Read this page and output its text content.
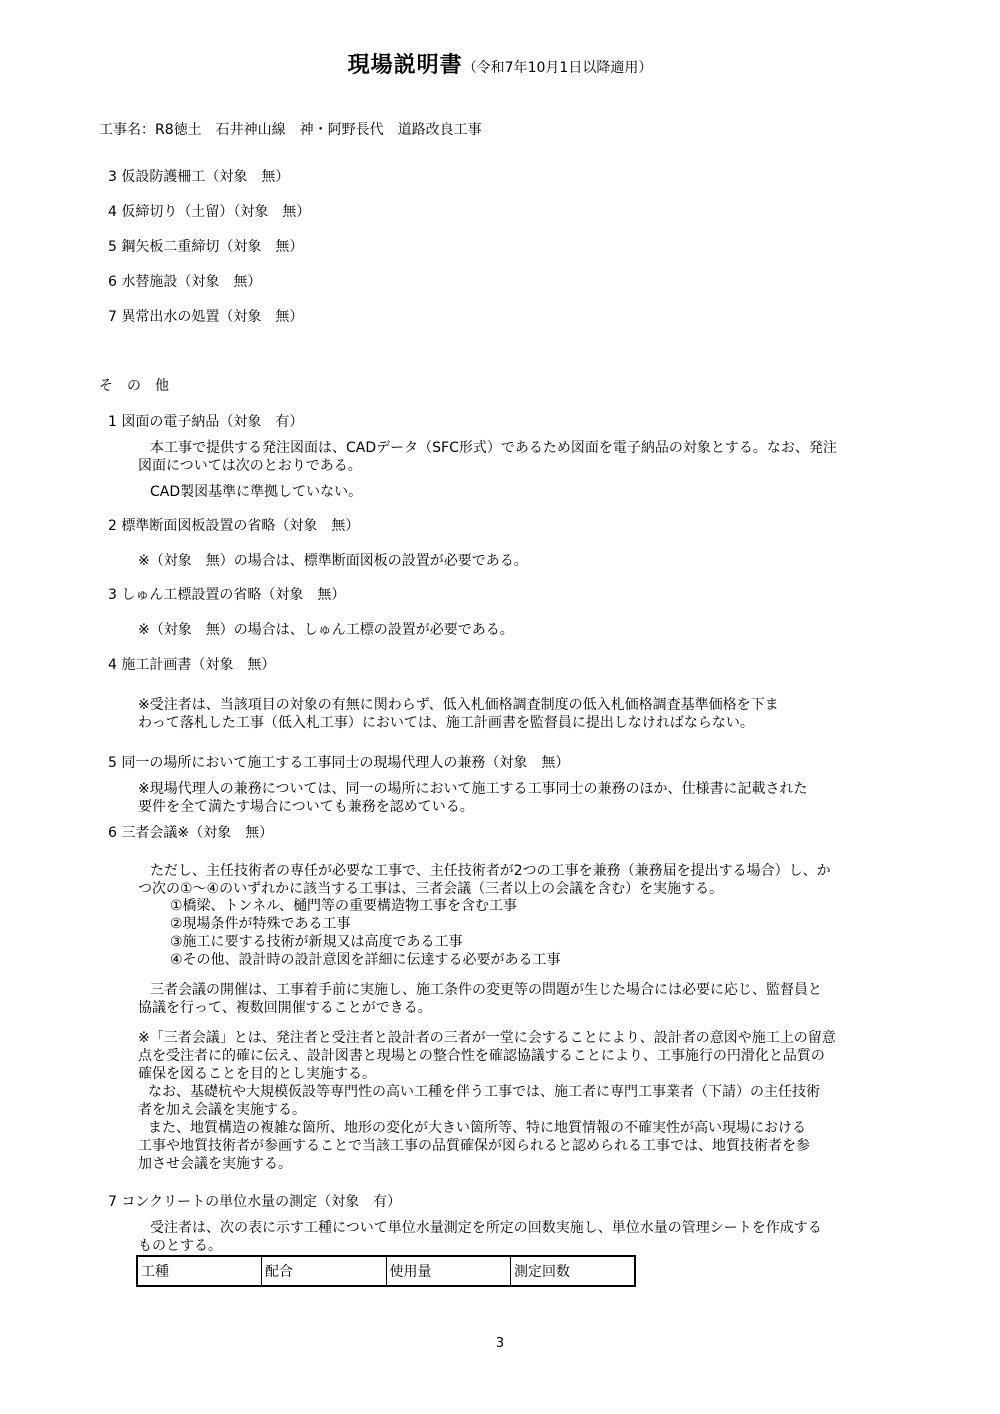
現場説明書（令和7年10月1日以降適用）
工事名：R8徳土　石井神山線　神・阿野長代　道路改良工事
3 仮設防護柵工（対象　無）
4 仮締切り（土留）（対象　無）
5 鋼矢板二重締切（対象　無）
6 水替施設（対象　無）
7 異常出水の処置（対象　無）
そ　の　他
1 図面の電子納品（対象　有）
本工事で提供する発注図面は、CADデータ（SFC形式）であるため図面を電子納品の対象とする。なお、発注
図面については次のとおりである。
CAD製図基準に準拠していない。
2 標準断面図板設置の省略（対象　無）
※（対象　無）の場合は、標準断面図板の設置が必要である。
3 しゅん工標設置の省略（対象　無）
※（対象　無）の場合は、しゅん工標の設置が必要である。
4 施工計画書（対象　無）
※受注者は、当該項目の対象の有無に関わらず、低入札価格調査制度の低入札価格調査基準価格を下ま
わって落札した工事（低入札工事）においては、施工計画書を監督員に提出しなければならない。
5 同一の場所において施工する工事同士の現場代理人の兼務（対象　無）
※現場代理人の兼務については、同一の場所において施工する工事同士の兼務のほか、仕様書に記載された
要件を全て満たす場合についても兼務を認めている。
6 三者会議※（対象　無）
ただし、主任技術者の専任が必要な工事で、主任技術者が2つの工事を兼務（兼務届を提出する場合）し、か
つ次の①～④のいずれかに該当する工事は、三者会議（三者以上の会議を含む）を実施する。
①橋梁、トンネル、樋門等の重要構造物工事を含む工事
②現場条件が特殊である工事
③施工に要する技術が新規又は高度である工事
④その他、設計時の設計意図を詳細に伝達する必要がある工事
三者会議の開催は、工事着手前に実施し、施工条件の変更等の問題が生じた場合には必要に応じ、監督員と
協議を行って、複数回開催することができる。
※「三者会議」とは、発注者と受注者と設計者の三者が一堂に会することにより、設計者の意図や施工上の留意
点を受注者に的確に伝え、設計図書と現場との整合性を確認協議することにより、工事施行の円滑化と品質の
確保を図ることを目的とし実施する。
なお、基礎杭や大規模仮設等専門性の高い工種を伴う工事では、施工者に専門工事業者（下請）の主任技術
者を加え会議を実施する。
また、地質構造の複雑な箇所、地形の変化が大きい箇所等、特に地質情報の不確実性が高い現場における
工事や地質技術者が参画することで当該工事の品質確保が図られると認められる工事では、地質技術者を参
加させ会議を実施する。
7 コンクリートの単位水量の測定（対象　有）
受注者は、次の表に示す工種について単位水量測定を所定の回数実施し、単位水量の管理シートを作成する
ものとする。
工種	配合	使用量	測定回数
3
